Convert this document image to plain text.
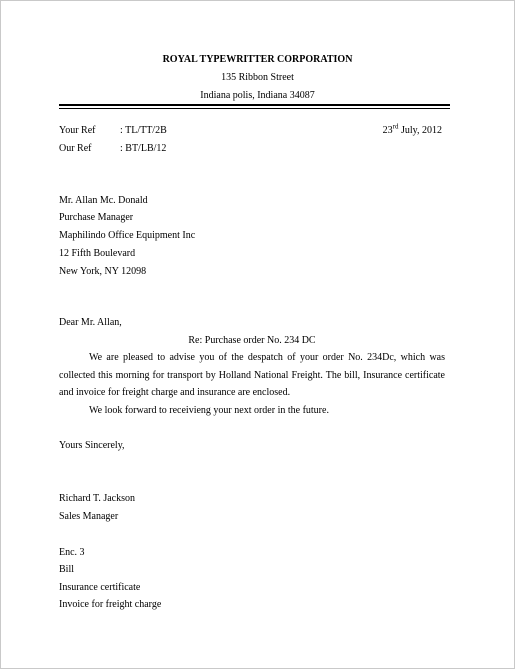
ROYAL TYPEWRITTER CORPORATION
135 Ribbon Street
Indiana polis, Indiana 34087
Your Ref : TL/TT/2B	23rd July, 2012
Our Ref	: BT/LB/12
Mr. Allan Mc. Donald
Purchase Manager
Maphilindo Office Equipment Inc
12 Fifth Boulevard
New York, NY 12098
Dear Mr. Allan,
Re: Purchase order No. 234 DC
We are pleased to advise you of the despatch of your order No. 234Dc, which was collected this morning for transport by Holland National Freight. The bill, Insurance certificate and invoice for freight charge and insurance are enclosed.
We look forward to receivieng your next order in the future.
Yours Sincerely,
Richard T. Jackson
Sales Manager
Enc. 3
Bill
Insurance certificate
Invoice for freight charge
